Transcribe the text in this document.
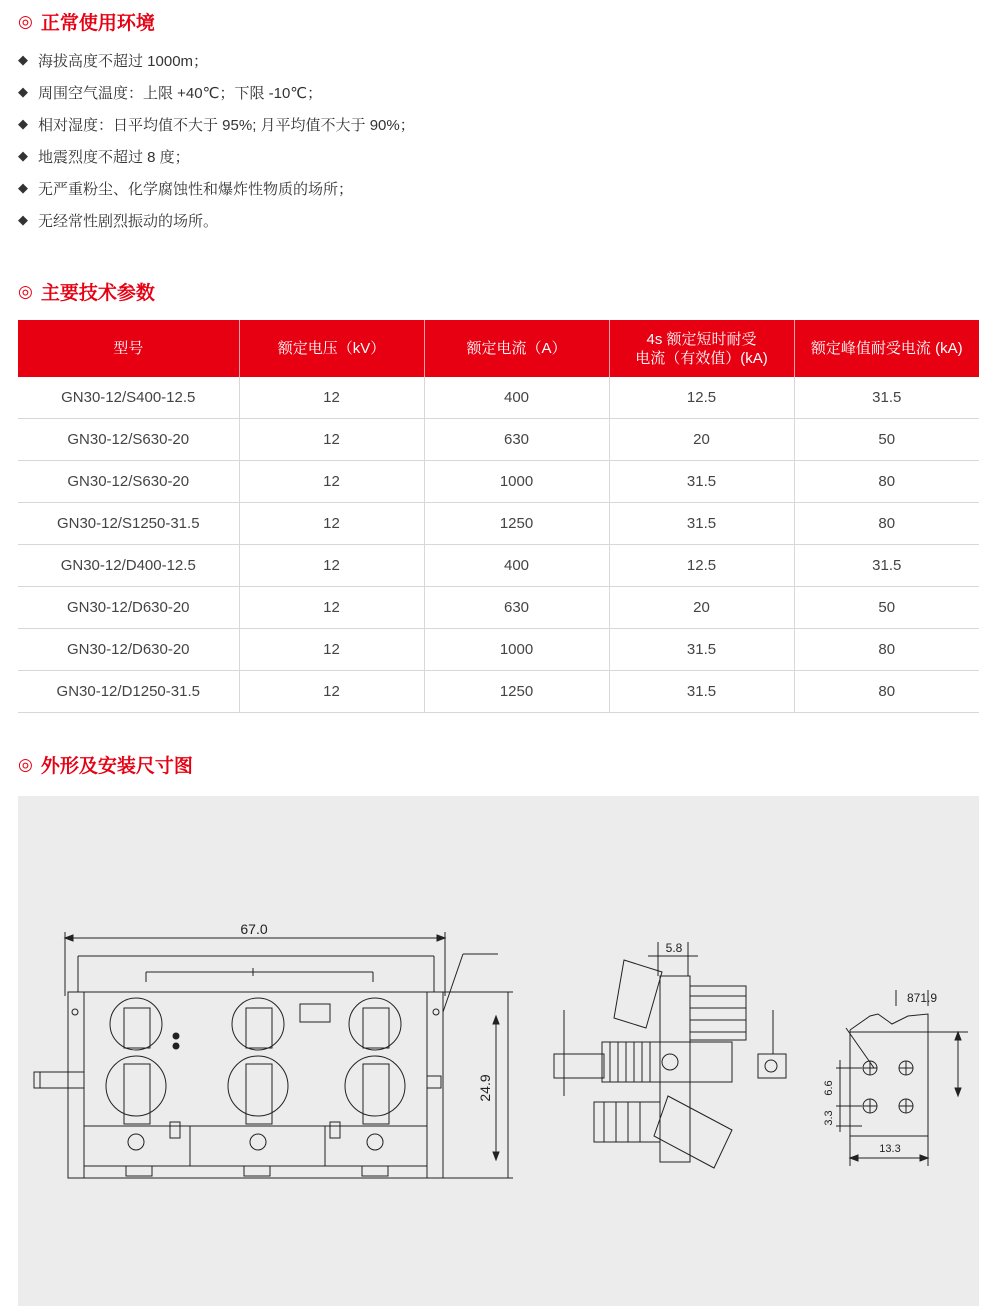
◎ 正常使用环境
◆ 海拔高度不超过 1000m；
◆ 周围空气温度：上限 +40℃；下限 -10℃；
◆ 相对湿度：日平均值不大于 95%; 月平均值不大于 90%；
◆ 地震烈度不超过 8 度；
◆ 无严重粉尘、化学腐蚀性和爆炸性物质的场所；
◆ 无经常性剧烈振动的场所。
◎ 主要技术参数
型号	额定电压（kV）	额定电流（A）	4s 额定短时耐受
电流（有效值）(kA)	额定峰值耐受电流 (kA)
GN30-12/S400-12.5	12	400	12.5	31.5
GN30-12/S630-20	12	630	20	50
GN30-12/S630-20	12	1000	31.5	80
GN30-12/S1250-31.5	12	1250	31.5	80
GN30-12/D400-12.5	12	400	12.5	31.5
GN30-12/D630-20	12	630	20	50
GN30-12/D630-20	12	1000	31.5	80
GN30-12/D1250-31.5	12	1250	31.5	80
◎ 外形及安装尺寸图
67.0
24.9
5.8
871.9
6.6
3.3
13.3
